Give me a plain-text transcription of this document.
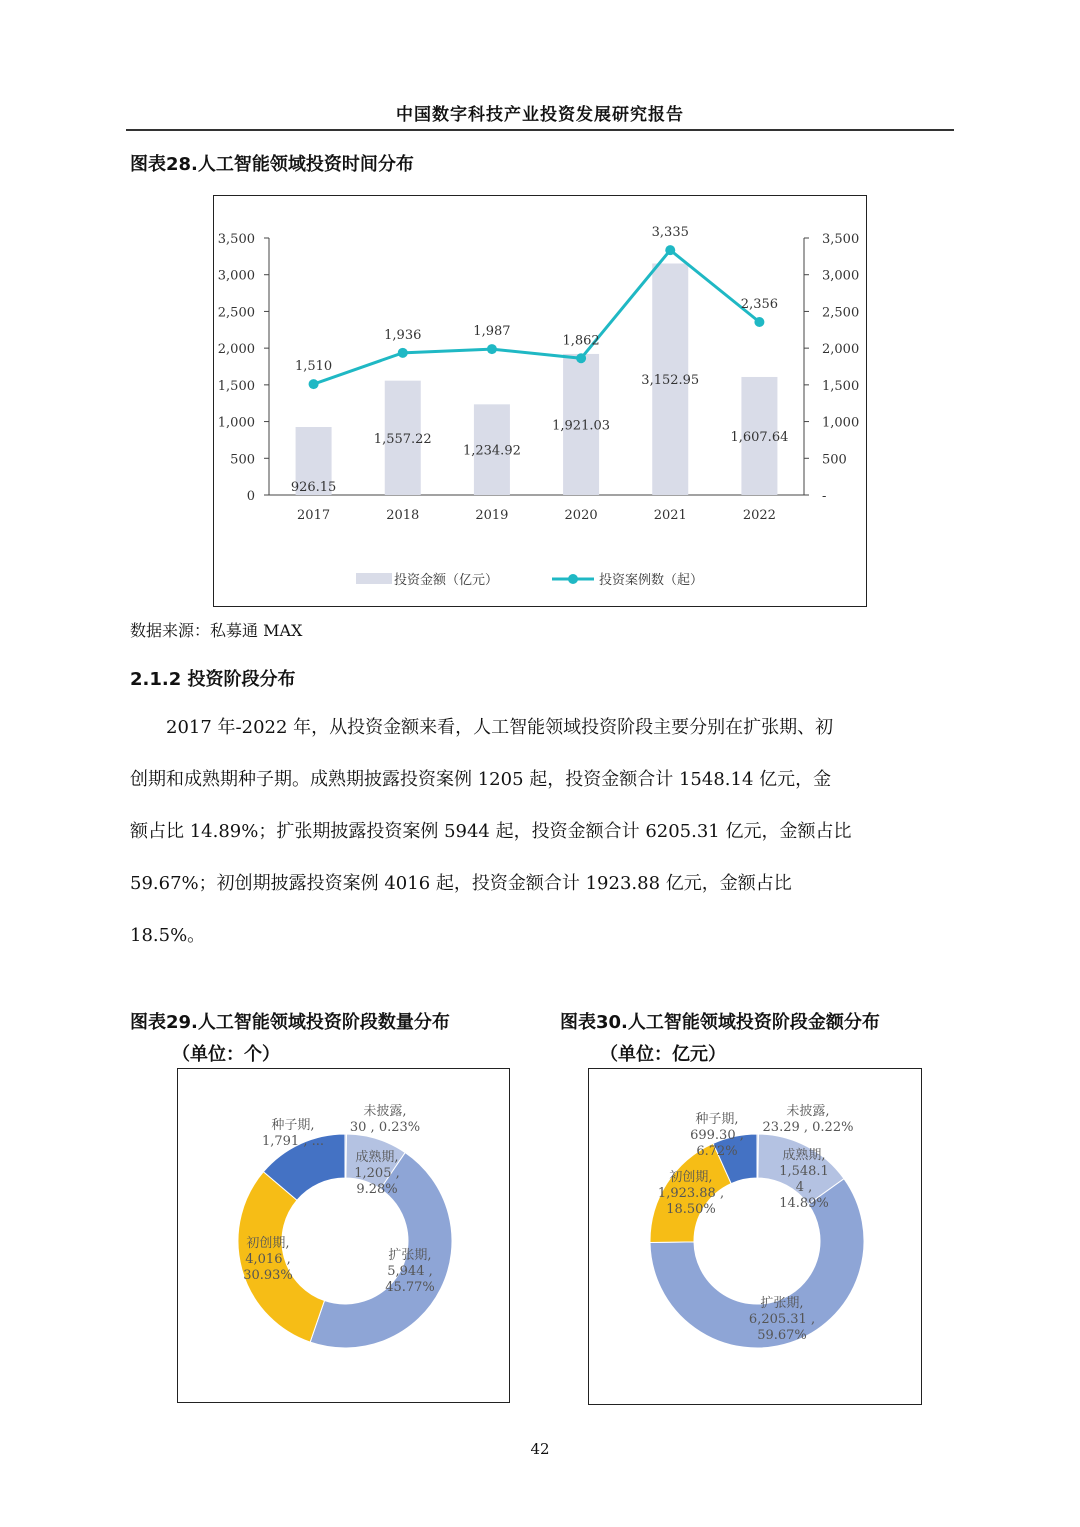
中国数字科技产业投资发展研究报告
图表28.人工智能领域投资时间分布
0
500
1,000
1,500
2,000
2,500
3,000
3,500
-
500
1,000
1,500
2,000
2,500
3,000
3,500
926.15
2017
1,557.22
2018
1,234.92
2019
1,921.03
2020
3,152.95
2021
1,607.64
2022
1,510
1,936	1,987
1,862
3,335
2,356
投资金额（亿元）	投资案例数（起）
数据来源：私募通 MAX
2.1.2 投资阶段分布
2017 年-2022 年，从投资金额来看，人工智能领域投资阶段主要分别在扩张期、初
创期和成熟期种子期。成熟期披露投资案例 1205 起，投资金额合计 1548.14 亿元，金
额占比 14.89%；扩张期披露投资案例 5944 起，投资金额合计 6205.31 亿元，金额占比
59.67%；初创期披露投资案例 4016 起，投资金额合计 1923.88 亿元，金额占比
18.5%。
图表29.人工智能领域投资阶段数量分布
（单位：个）
图表30.人工智能领域投资阶段金额分布
（单位：亿元）
未披露, 30 , 0.23%
成熟期, 1,205 , 9.28%
扩张期, 5,944 , 45.77%
初创期, 4,016 , 30.93%
种子期, 1,791 , ...
未披露, 23.29 , 0.22%
成熟期, 1,548.1 4 , 14.89%
扩张期, 6,205.31 , 59.67%
初创期, 1,923.88 , 18.50%
种子期, 699.30 , 6.72%
42
